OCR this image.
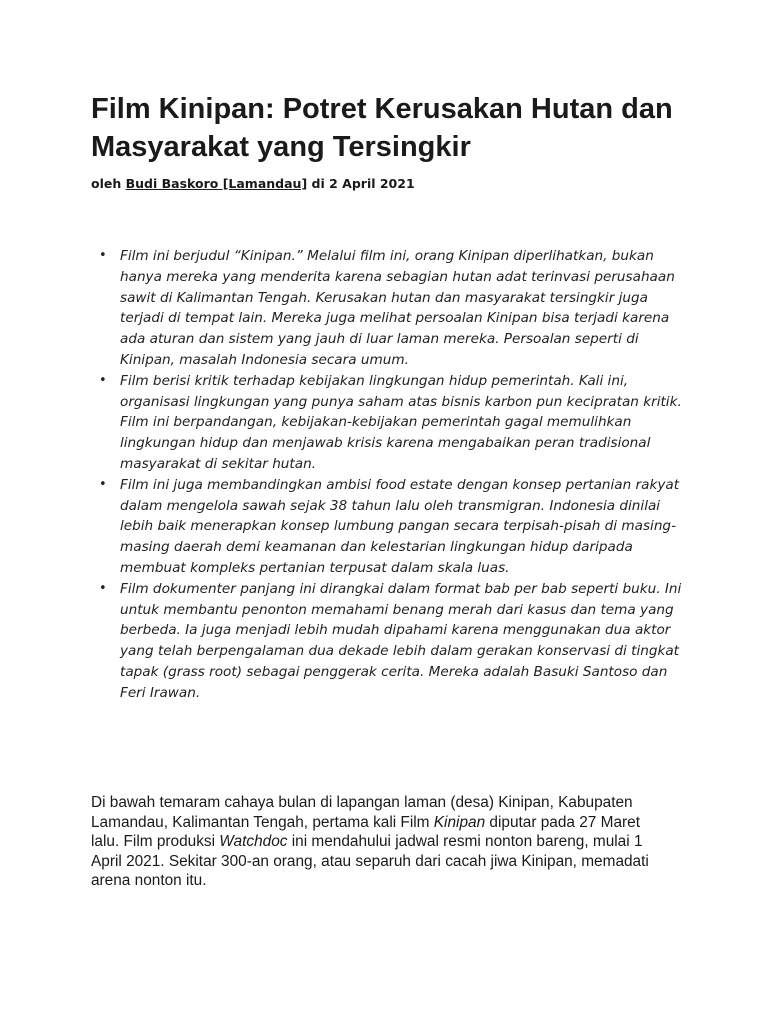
Film Kinipan: Potret Kerusakan Hutan dan Masyarakat yang Tersingkir
oleh Budi Baskoro [Lamandau] di 2 April 2021
• Film ini berjudul “Kinipan.” Melalui film ini, orang Kinipan diperlihatkan, bukan hanya mereka yang menderita karena sebagian hutan adat terinvasi perusahaan sawit di Kalimantan Tengah. Kerusakan hutan dan masyarakat tersingkir juga terjadi di tempat lain. Mereka juga melihat persoalan Kinipan bisa terjadi karena ada aturan dan sistem yang jauh di luar laman mereka. Persoalan seperti di Kinipan, masalah Indonesia secara umum.
• Film berisi kritik terhadap kebijakan lingkungan hidup pemerintah. Kali ini, organisasi lingkungan yang punya saham atas bisnis karbon pun kecipratan kritik. Film ini berpandangan, kebijakan-kebijakan pemerintah gagal memulihkan lingkungan hidup dan menjawab krisis karena mengabaikan peran tradisional masyarakat di sekitar hutan.
• Film ini juga membandingkan ambisi food estate dengan konsep pertanian rakyat dalam mengelola sawah sejak 38 tahun lalu oleh transmigran. Indonesia dinilai lebih baik menerapkan konsep lumbung pangan secara terpisah-pisah di masing-masing daerah demi keamanan dan kelestarian lingkungan hidup daripada membuat kompleks pertanian terpusat dalam skala luas.
• Film dokumenter panjang ini dirangkai dalam format bab per bab seperti buku. Ini untuk membantu penonton memahami benang merah dari kasus dan tema yang berbeda. Ia juga menjadi lebih mudah dipahami karena menggunakan dua aktor yang telah berpengalaman dua dekade lebih dalam gerakan konservasi di tingkat tapak (grass root) sebagai penggerak cerita. Mereka adalah Basuki Santoso dan Feri Irawan.

Di bawah temaram cahaya bulan di lapangan laman (desa) Kinipan, Kabupaten Lamandau, Kalimantan Tengah, pertama kali Film Kinipan diputar pada 27 Maret lalu. Film produksi Watchdoc ini mendahului jadwal resmi nonton bareng, mulai 1 April 2021. Sekitar 300-an orang, atau separuh dari cacah jiwa Kinipan, memadati arena nonton itu.
